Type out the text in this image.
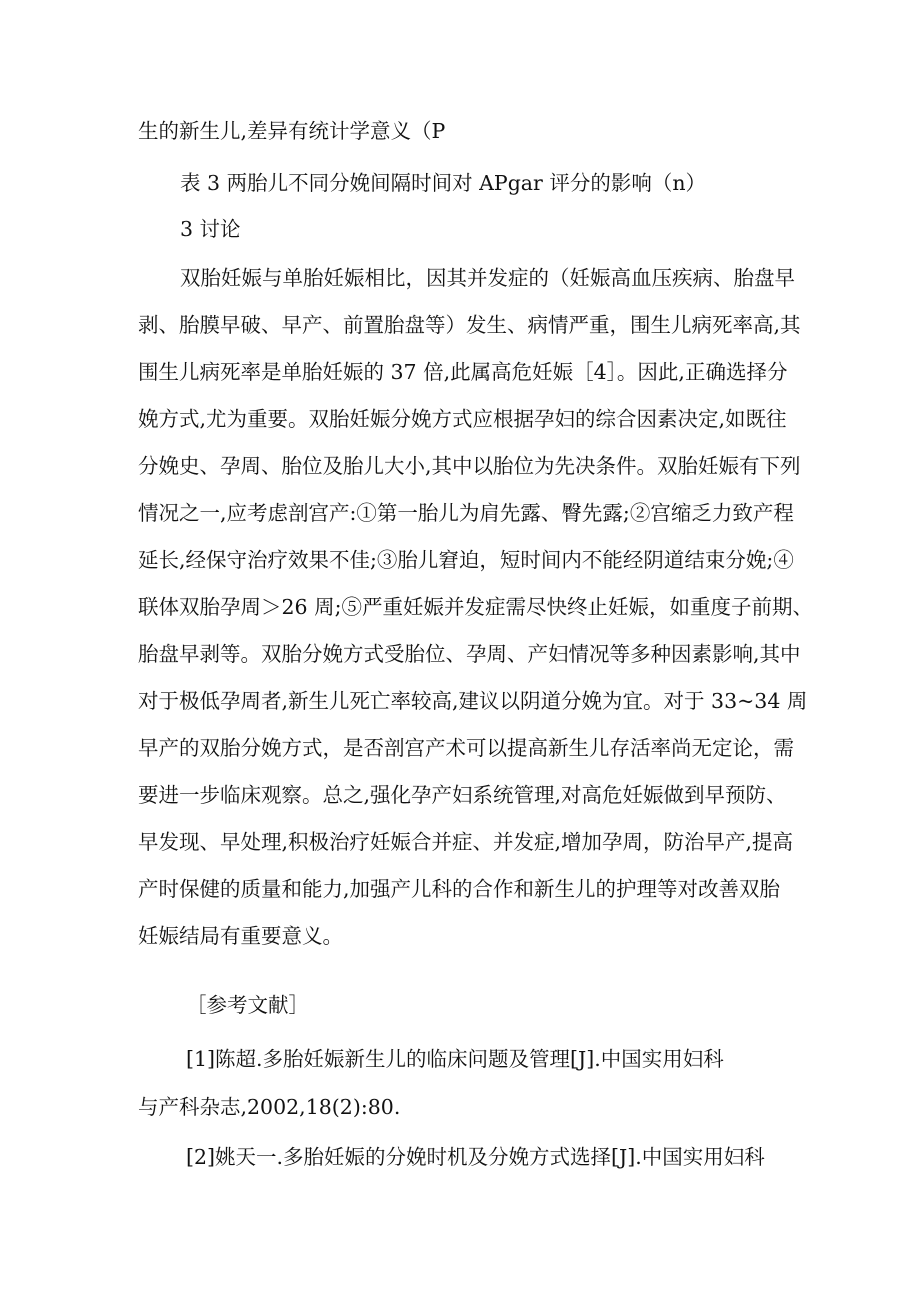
生的新生儿,差异有统计学意义（P
表 3 两胎儿不同分娩间隔时间对 APgar 评分的影响（n）
3 讨论
双胎妊娠与单胎妊娠相比，因其并发症的（妊娠高血压疾病、胎盘早
剥、胎膜早破、早产、前置胎盘等）发生、病情严重，围生儿病死率高,其
围生儿病死率是单胎妊娠的 37 倍,此属高危妊娠［4］。因此,正确选择分
娩方式,尤为重要。双胎妊娠分娩方式应根据孕妇的综合因素决定,如既往
分娩史、孕周、胎位及胎儿大小,其中以胎位为先决条件。双胎妊娠有下列
情况之一,应考虑剖宫产:①第一胎儿为肩先露、臀先露;②宫缩乏力致产程
延长,经保守治疗效果不佳;③胎儿窘迫，短时间内不能经阴道结束分娩;④
联体双胎孕周＞26 周;⑤严重妊娠并发症需尽快终止妊娠，如重度子前期、
胎盘早剥等。双胎分娩方式受胎位、孕周、产妇情况等多种因素影响,其中
对于极低孕周者,新生儿死亡率较高,建议以阴道分娩为宜。对于 33~34 周
早产的双胎分娩方式，是否剖宫产术可以提高新生儿存活率尚无定论，需
要进一步临床观察。总之,强化孕产妇系统管理,对高危妊娠做到早预防、
早发现、早处理,积极治疗妊娠合并症、并发症,增加孕周，防治早产,提高
产时保健的质量和能力,加强产儿科的合作和新生儿的护理等对改善双胎
妊娠结局有重要意义。
［参考文献］
[1]陈超.多胎妊娠新生儿的临床问题及管理[J].中国实用妇科
与产科杂志,2002,18(2):80.
[2]姚天一.多胎妊娠的分娩时机及分娩方式选择[J].中国实用妇科
